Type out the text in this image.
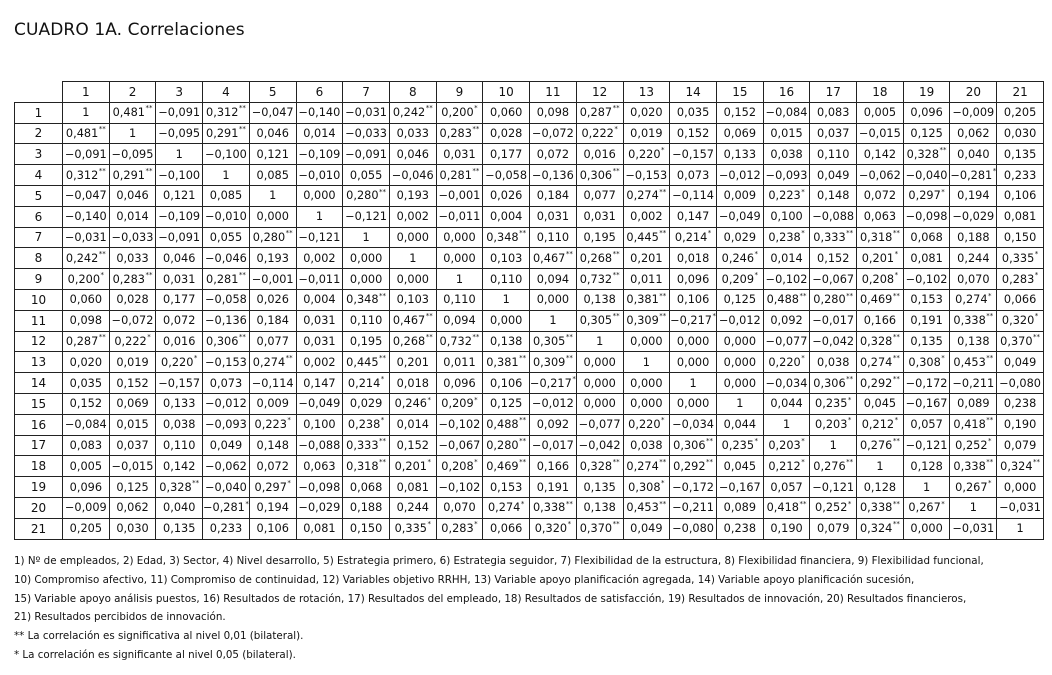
CUADRO 1A. Correlaciones
	1	2	3	4	5	6	7	8	9	10	11	12	13	14	15	16	17	18	19	20	21
1	1	0,481**	−0,091	0,312**	−0,047	−0,140	−0,031	0,242**	0,200*	0,060	0,098	0,287**	0,020	0,035	0,152	−0,084	0,083	0,005	0,096	−0,009	0,205
2	0,481**	1	−0,095	0,291**	0,046	0,014	−0,033	0,033	0,283**	0,028	−0,072	0,222*	0,019	0,152	0,069	0,015	0,037	−0,015	0,125	0,062	0,030
3	−0,091	−0,095	1	−0,100	0,121	−0,109	−0,091	0,046	0,031	0,177	0,072	0,016	0,220*	−0,157	0,133	0,038	0,110	0,142	0,328**	0,040	0,135
4	0,312**	0,291**	−0,100	1	0,085	−0,010	0,055	−0,046	0,281**	−0,058	−0,136	0,306**	−0,153	0,073	−0,012	−0,093	0,049	−0,062	−0,040	−0,281*	0,233
5	−0,047	0,046	0,121	0,085	1	0,000	0,280**	0,193	−0,001	0,026	0,184	0,077	0,274**	−0,114	0,009	0,223*	0,148	0,072	0,297*	0,194	0,106
6	−0,140	0,014	−0,109	−0,010	0,000	1	−0,121	0,002	−0,011	0,004	0,031	0,031	0,002	0,147	−0,049	0,100	−0,088	0,063	−0,098	−0,029	0,081
7	−0,031	−0,033	−0,091	0,055	0,280**	−0,121	1	0,000	0,000	0,348**	0,110	0,195	0,445**	0,214*	0,029	0,238*	0,333**	0,318**	0,068	0,188	0,150
8	0,242**	0,033	0,046	−0,046	0,193	0,002	0,000	1	0,000	0,103	0,467**	0,268**	0,201	0,018	0,246*	0,014	0,152	0,201*	0,081	0,244	0,335*
9	0,200*	0,283**	0,031	0,281**	−0,001	−0,011	0,000	0,000	1	0,110	0,094	0,732**	0,011	0,096	0,209*	−0,102	−0,067	0,208*	−0,102	0,070	0,283*
10	0,060	0,028	0,177	−0,058	0,026	0,004	0,348**	0,103	0,110	1	0,000	0,138	0,381**	0,106	0,125	0,488**	0,280**	0,469**	0,153	0,274*	0,066
11	0,098	−0,072	0,072	−0,136	0,184	0,031	0,110	0,467**	0,094	0,000	1	0,305**	0,309**	−0,217*	−0,012	0,092	−0,017	0,166	0,191	0,338**	0,320*
12	0,287**	0,222*	0,016	0,306**	0,077	0,031	0,195	0,268**	0,732**	0,138	0,305**	1	0,000	0,000	0,000	−0,077	−0,042	0,328**	0,135	0,138	0,370**
13	0,020	0,019	0,220*	−0,153	0,274**	0,002	0,445**	0,201	0,011	0,381**	0,309**	0,000	1	0,000	0,000	0,220*	0,038	0,274**	0,308*	0,453**	0,049
14	0,035	0,152	−0,157	0,073	−0,114	0,147	0,214*	0,018	0,096	0,106	−0,217*	0,000	0,000	1	0,000	−0,034	0,306**	0,292**	−0,172	−0,211	−0,080
15	0,152	0,069	0,133	−0,012	0,009	−0,049	0,029	0,246*	0,209*	0,125	−0,012	0,000	0,000	0,000	1	0,044	0,235*	0,045	−0,167	0,089	0,238
16	−0,084	0,015	0,038	−0,093	0,223*	0,100	0,238*	0,014	−0,102	0,488**	0,092	−0,077	0,220*	−0,034	0,044	1	0,203*	0,212*	0,057	0,418**	0,190
17	0,083	0,037	0,110	0,049	0,148	−0,088	0,333**	0,152	−0,067	0,280**	−0,017	−0,042	0,038	0,306**	0,235*	0,203*	1	0,276**	−0,121	0,252*	0,079
18	0,005	−0,015	0,142	−0,062	0,072	0,063	0,318**	0,201*	0,208*	0,469**	0,166	0,328**	0,274**	0,292**	0,045	0,212*	0,276**	1	0,128	0,338**	0,324**
19	0,096	0,125	0,328**	−0,040	0,297*	−0,098	0,068	0,081	−0,102	0,153	0,191	0,135	0,308*	−0,172	−0,167	0,057	−0,121	0,128	1	0,267*	0,000
20	−0,009	0,062	0,040	−0,281*	0,194	−0,029	0,188	0,244	0,070	0,274*	0,338**	0,138	0,453**	−0,211	0,089	0,418**	0,252*	0,338**	0,267*	1	−0,031
21	0,205	0,030	0,135	0,233	0,106	0,081	0,150	0,335*	0,283*	0,066	0,320*	0,370**	0,049	−0,080	0,238	0,190	0,079	0,324**	0,000	−0,031	1
1) Nº de empleados, 2) Edad, 3) Sector, 4) Nivel desarrollo, 5) Estrategia primero, 6) Estrategia seguidor, 7) Flexibilidad de la estructura, 8) Flexibilidad financiera, 9) Flexibilidad funcional,
10) Compromiso afectivo, 11) Compromiso de continuidad, 12) Variables objetivo RRHH, 13) Variable apoyo planificación agregada, 14) Variable apoyo planificación sucesión,
15) Variable apoyo análisis puestos, 16) Resultados de rotación, 17) Resultados del empleado, 18) Resultados de satisfacción, 19) Resultados de innovación, 20) Resultados financieros,
21) Resultados percibidos de innovación.
** La correlación es significativa al nivel 0,01 (bilateral).
* La correlación es significante al nivel 0,05 (bilateral).
